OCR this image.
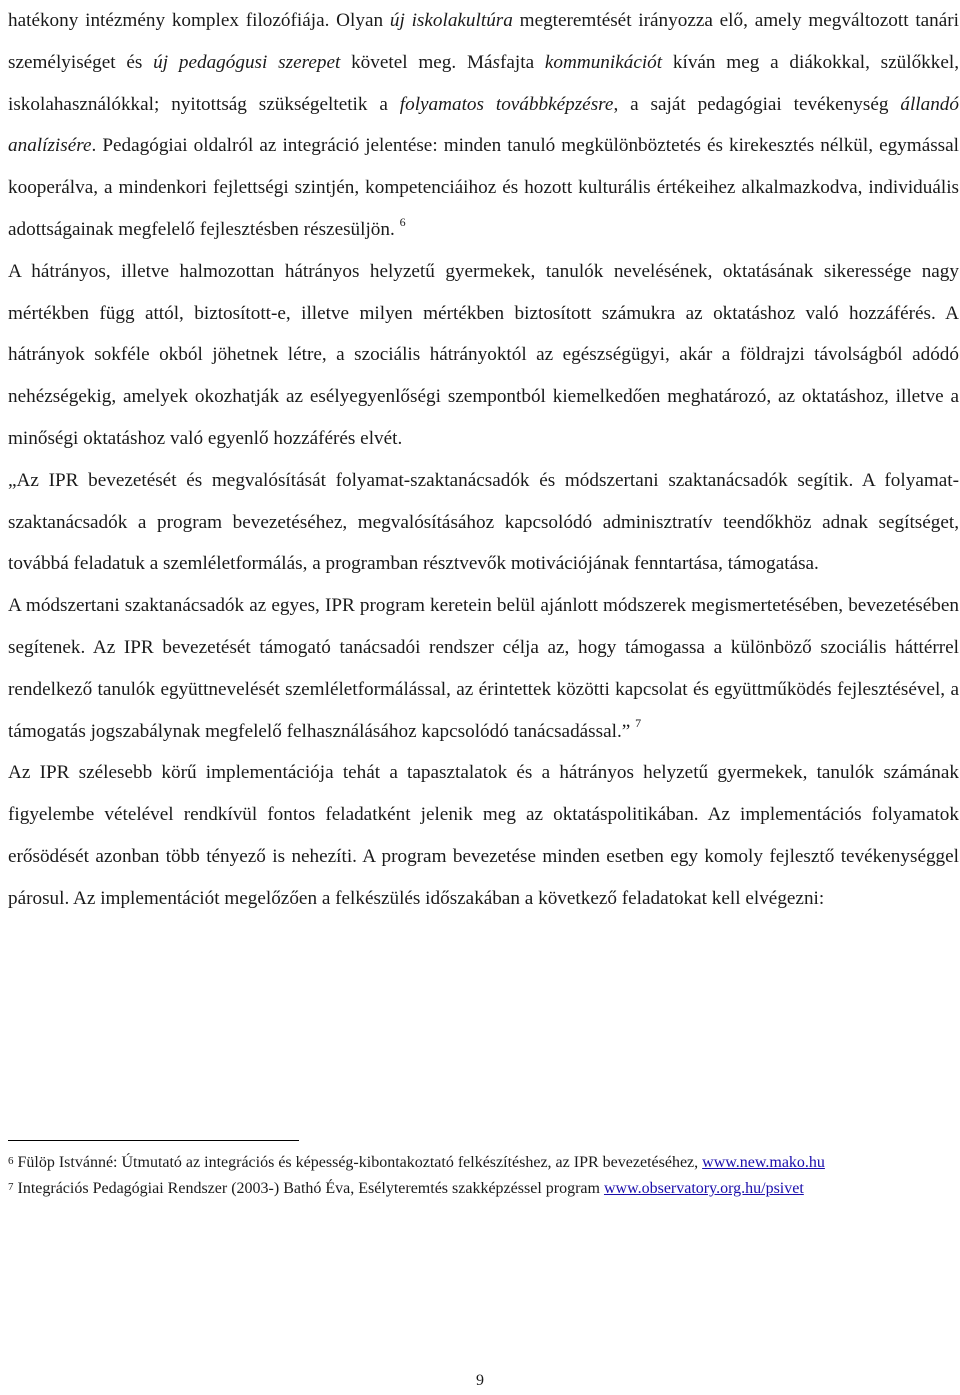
hatékony intézmény komplex filozófiája. Olyan új iskolakultúra megteremtését irányozza elő, amely megváltozott tanári személyiséget és új pedagógusi szerepet követel meg. Másfajta kommunikációt kíván meg a diákokkal, szülőkkel, iskolahasználókkal; nyitottság szükségeltetik a folyamatos továbbképzésre, a saját pedagógiai tevékenység állandó analízisére. Pedagógiai oldalról az integráció jelentése: minden tanuló megkülönböztetés és kirekesztés nélkül, egymással kooperálva, a mindenkori fejlettségi szintjén, kompetenciáihoz és hozott kulturális értékeihez alkalmazkodva, individuális adottságainak megfelelő fejlesztésben részesüljön. $^6$

A hátrányos, illetve halmozottan hátrányos helyzetű gyermekek, tanulók nevelésének, oktatásának sikeressége nagy mértékben függ attól, biztosított-e, illetve milyen mértékben biztosított számukra az oktatáshoz való hozzáférés. A hátrányok sokféle okból jöhetnek létre, a szociális hátrányoktól az egészségügyi, akár a földrajzi távolságból adódó nehézségekig, amelyek okozhatják az esélyegyenlőségi szempontból kiemelkedően meghatározó, az oktatáshoz, illetve a minőségi oktatáshoz való egyenlő hozzáférés elvét.

„Az IPR bevezetését és megvalósítását folyamat-szaktanácsadók és módszertani szaktanácsadók segítik. A folyamat-szaktanácsadók a program bevezetéséhez, megvalósításához kapcsolódó adminisztratív teendőkhöz adnak segítséget, továbbá feladatuk a szemléletformálás, a programban résztvevők motivációjának fenntartása, támogatása.

A módszertani szaktanácsadók az egyes, IPR program keretein belül ajánlott módszerek megismertetésében, bevezetésében segítenek. Az IPR bevezetését támogató tanácsadói rendszer célja az, hogy támogassa a különböző szociális háttérrel rendelkező tanulók együttnevelését szemléletformálással, az érintettek közötti kapcsolat és együttműködés fejlesztésével, a támogatás jogszabálynak megfelelő felhasználásához kapcsolódó tanácsadással.” $^7$

Az IPR szélesebb körű implementációja tehát a tapasztalatok és a hátrányos helyzetű gyermekek, tanulók számának figyelembe vételével rendkívül fontos feladatként jelenik meg az oktatáspolitikában. Az implementációs folyamatok erősödését azonban több tényező is nehezíti. A program bevezetése minden esetben egy komoly fejlesztő tevékenységgel párosul. Az implementációt megelőzően a felkészülés időszakában a következő feladatokat kell elvégezni:

$^6$ Fülöp Istvánné: Útmutató az integrációs és képesség-kibontakoztató felkészítéshez, az IPR bevezetéséhez, www.new.mako.hu

$^7$ Integrációs Pedagógiai Rendszer (2003-) Bathó Éva, Esélyteremtés szakképzéssel program www.observatory.org.hu/psivet

9
